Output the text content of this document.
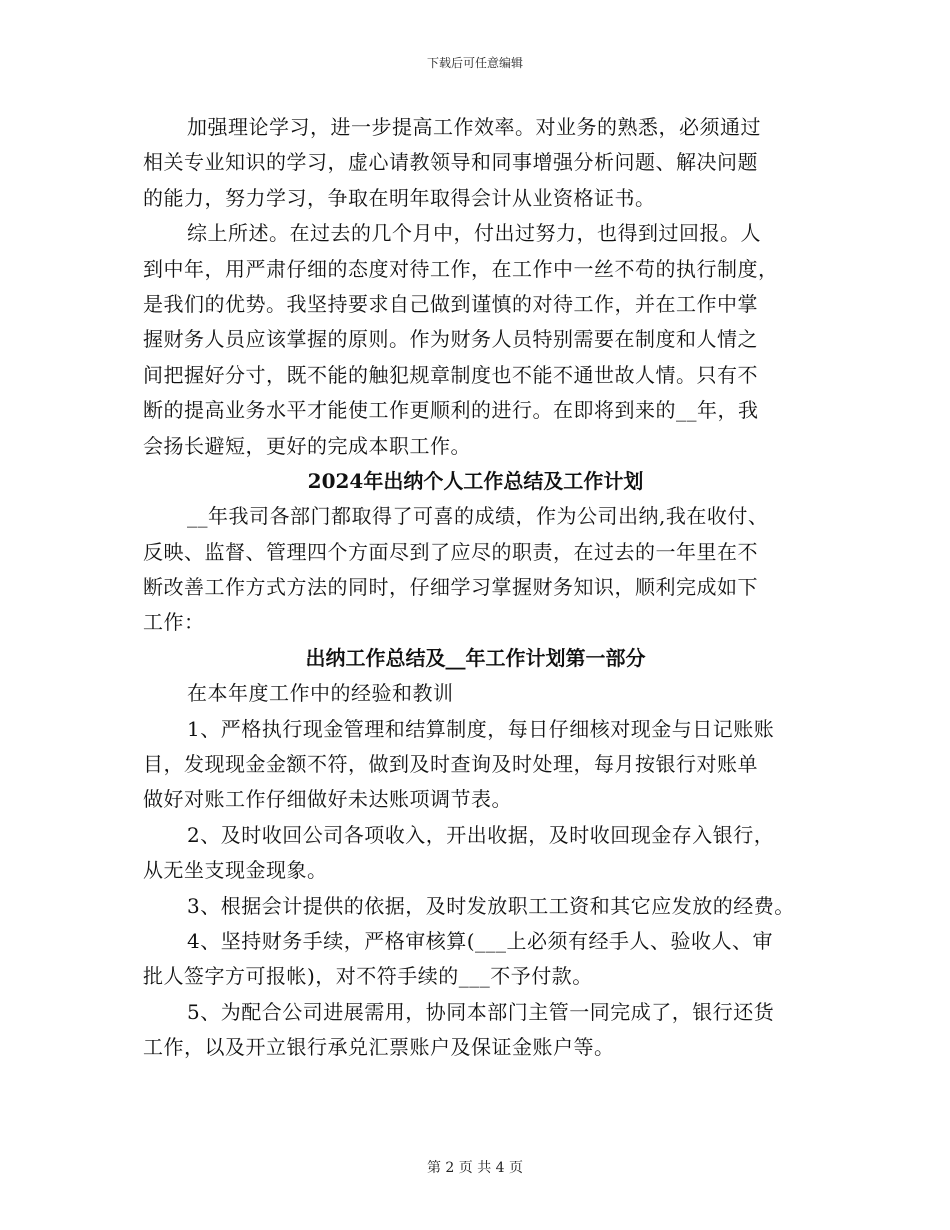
下载后可任意编辑
加强理论学习，进一步提高工作效率。对业务的熟悉，必须通过
相关专业知识的学习，虚心请教领导和同事增强分析问题、解决问题
的能力，努力学习，争取在明年取得会计从业资格证书。
综上所述。在过去的几个月中，付出过努力，也得到过回报。人
到中年，用严肃仔细的态度对待工作，在工作中一丝不苟的执行制度，
是我们的优势。我坚持要求自己做到谨慎的对待工作，并在工作中掌
握财务人员应该掌握的原则。作为财务人员特别需要在制度和人情之
间把握好分寸，既不能的触犯规章制度也不能不通世故人情。只有不
断的提高业务水平才能使工作更顺利的进行。在即将到来的__年，我
会扬长避短，更好的完成本职工作。
2024年出纳个人工作总结及工作计划
__年我司各部门都取得了可喜的成绩，作为公司出纳,我在收付、
反映、监督、管理四个方面尽到了应尽的职责，在过去的一年里在不
断改善工作方式方法的同时，仔细学习掌握财务知识，顺利完成如下
工作：
出纳工作总结及__年工作计划第一部分
在本年度工作中的经验和教训
1、严格执行现金管理和结算制度，每日仔细核对现金与日记账账
目，发现现金金额不符，做到及时查询及时处理，每月按银行对账单
做好对账工作仔细做好未达账项调节表。
2、及时收回公司各项收入，开出收据，及时收回现金存入银行，
从无坐支现金现象。
3、根据会计提供的依据，及时发放职工工资和其它应发放的经费。
4、坚持财务手续，严格审核算(___上必须有经手人、验收人、审
批人签字方可报帐)，对不符手续的___不予付款。
5、为配合公司进展需用，协同本部门主管一同完成了，银行还货
工作，以及开立银行承兑汇票账户及保证金账户等。
第 2 页 共 4 页
